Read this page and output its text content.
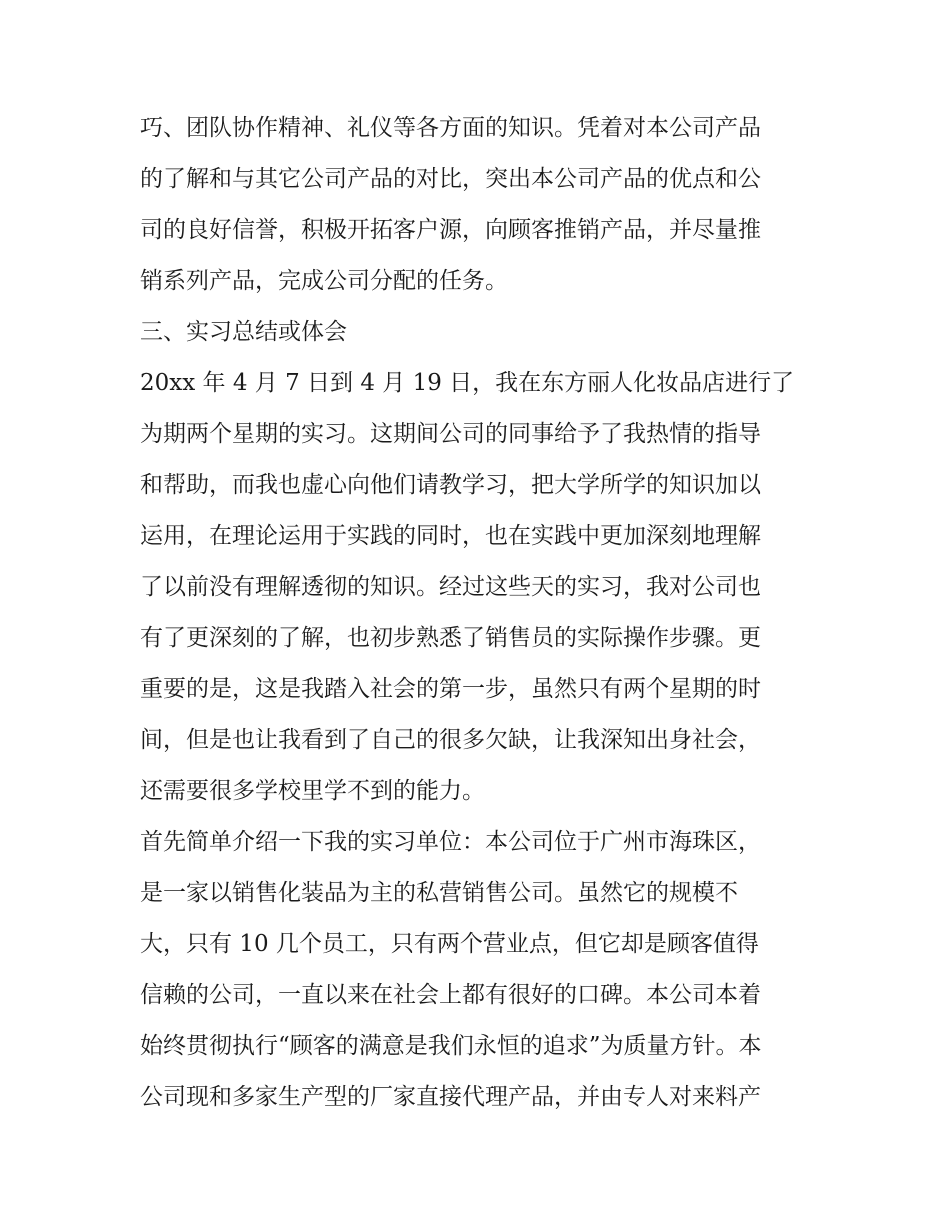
巧、团队协作精神、礼仪等各方面的知识。凭着对本公司产品

的了解和与其它公司产品的对比，突出本公司产品的优点和公

司的良好信誉，积极开拓客户源，向顾客推销产品，并尽量推

销系列产品，完成公司分配的任务。

三、实习总结或体会

20xx 年 4 月 7 日到 4 月 19 日，我在东方丽人化妆品店进行了

为期两个星期的实习。这期间公司的同事给予了我热情的指导

和帮助，而我也虚心向他们请教学习，把大学所学的知识加以

运用，在理论运用于实践的同时，也在实践中更加深刻地理解

了以前没有理解透彻的知识。经过这些天的实习，我对公司也

有了更深刻的了解，也初步熟悉了销售员的实际操作步骤。更

重要的是，这是我踏入社会的第一步，虽然只有两个星期的时

间，但是也让我看到了自己的很多欠缺，让我深知出身社会，

还需要很多学校里学不到的能力。

首先简单介绍一下我的实习单位：本公司位于广州市海珠区，

是一家以销售化装品为主的私营销售公司。虽然它的规模不

大，只有 10 几个员工，只有两个营业点，但它却是顾客值得

信赖的公司，一直以来在社会上都有很好的口碑。本公司本着

始终贯彻执行“顾客的满意是我们永恒的追求”为质量方针。本

公司现和多家生产型的厂家直接代理产品，并由专人对来料产
